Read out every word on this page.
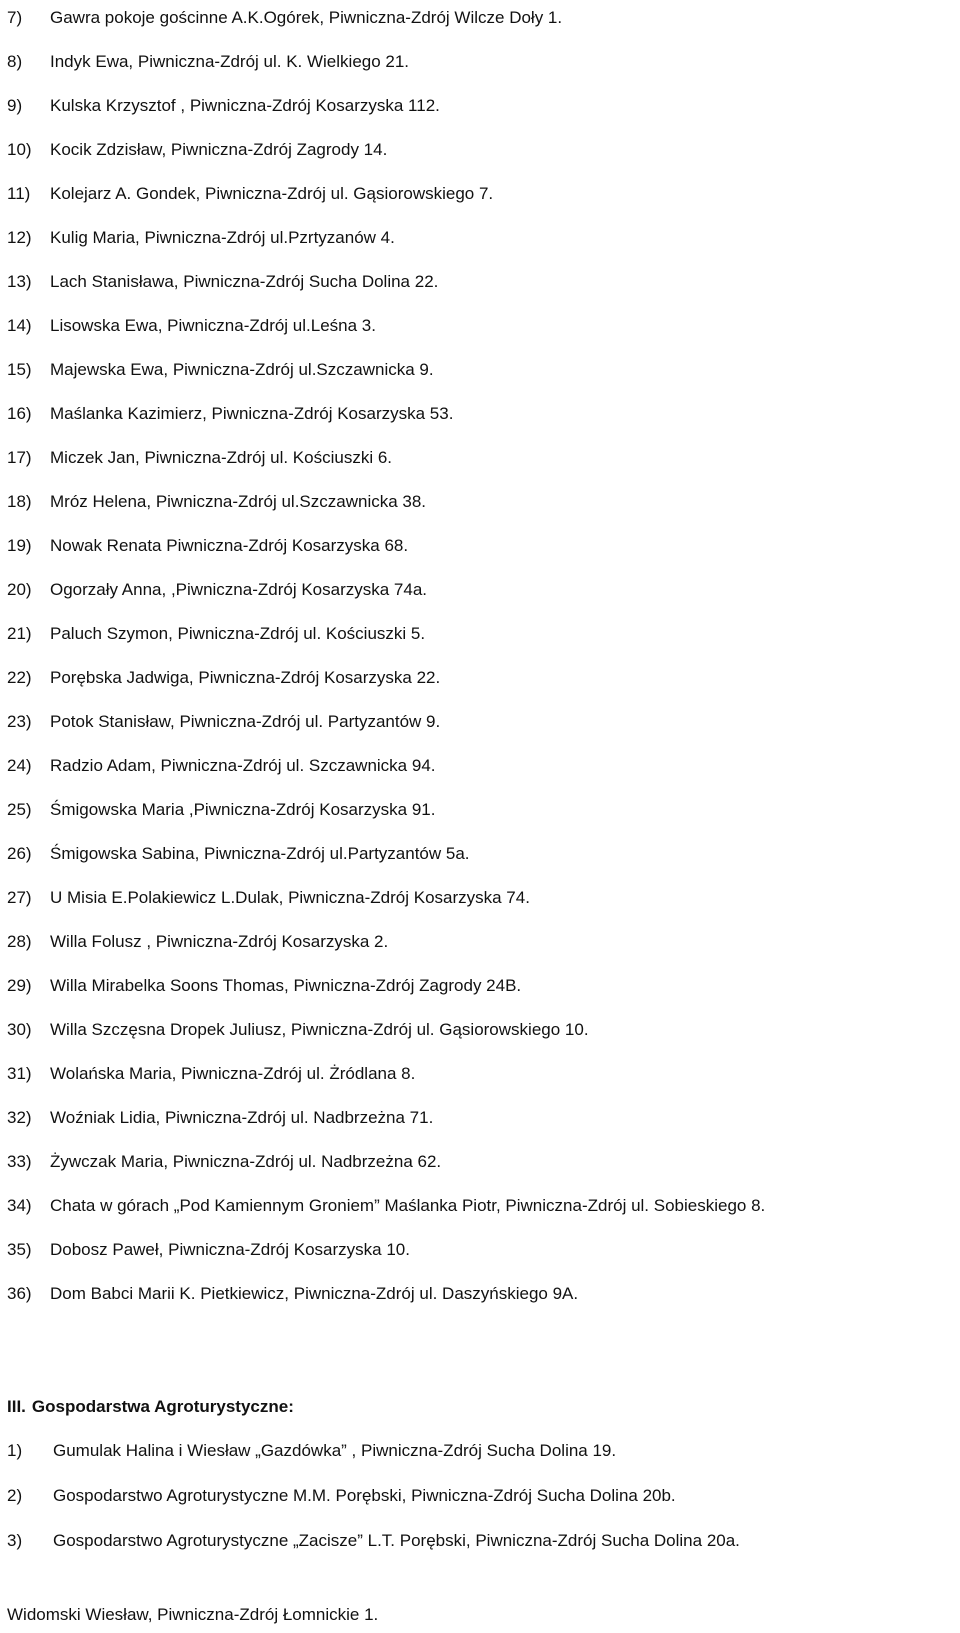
7) Gawra pokoje gościnne A.K.Ogórek, Piwniczna-Zdrój Wilcze Doły 1.
8) Indyk Ewa, Piwniczna-Zdrój ul. K. Wielkiego 21.
9) Kulska Krzysztof , Piwniczna-Zdrój Kosarzyska 112.
10) Kocik Zdzisław, Piwniczna-Zdrój Zagrody 14.
11) Kolejarz A. Gondek, Piwniczna-Zdrój ul. Gąsiorowskiego 7.
12) Kulig Maria, Piwniczna-Zdrój ul.Pzrtyzanów 4.
13) Lach Stanisława, Piwniczna-Zdrój Sucha Dolina 22.
14) Lisowska Ewa, Piwniczna-Zdrój ul.Leśna 3.
15) Majewska Ewa, Piwniczna-Zdrój ul.Szczawnicka 9.
16) Maślanka Kazimierz, Piwniczna-Zdrój Kosarzyska 53.
17) Miczek Jan, Piwniczna-Zdrój ul. Kościuszki 6.
18) Mróz Helena, Piwniczna-Zdrój ul.Szczawnicka 38.
19) Nowak Renata Piwniczna-Zdrój Kosarzyska 68.
20) Ogorzały Anna, ,Piwniczna-Zdrój Kosarzyska 74a.
21) Paluch Szymon, Piwniczna-Zdrój ul. Kościuszki 5.
22) Porębska Jadwiga, Piwniczna-Zdrój Kosarzyska 22.
23) Potok Stanisław, Piwniczna-Zdrój ul. Partyzantów 9.
24) Radzio Adam, Piwniczna-Zdrój ul. Szczawnicka 94.
25) Śmigowska Maria ,Piwniczna-Zdrój Kosarzyska 91.
26) Śmigowska Sabina, Piwniczna-Zdrój ul.Partyzantów 5a.
27) U Misia E.Polakiewicz L.Dulak, Piwniczna-Zdrój Kosarzyska 74.
28) Willa Folusz , Piwniczna-Zdrój Kosarzyska 2.
29) Willa Mirabelka Soons Thomas, Piwniczna-Zdrój Zagrody 24B.
30) Willa Szczęsna Dropek Juliusz, Piwniczna-Zdrój ul. Gąsiorowskiego 10.
31) Wolańska Maria, Piwniczna-Zdrój ul. Żródlana 8.
32) Woźniak Lidia, Piwniczna-Zdrój ul. Nadbrzeżna 71.
33) Żywczak Maria, Piwniczna-Zdrój ul. Nadbrzeżna 62.
34) Chata w górach „Pod Kamiennym Groniem” Maślanka Piotr, Piwniczna-Zdrój ul. Sobieskiego 8.
35) Dobosz Paweł, Piwniczna-Zdrój Kosarzyska 10.
36) Dom Babci Marii K. Pietkiewicz, Piwniczna-Zdrój ul. Daszyńskiego 9A.
III. Gospodarstwa Agroturystyczne:
1) Gumulak Halina i Wiesław „Gazdówka” , Piwniczna-Zdrój Sucha Dolina 19.
2) Gospodarstwo Agroturystyczne M.M. Porębski, Piwniczna-Zdrój Sucha Dolina 20b.
3) Gospodarstwo Agroturystyczne „Zacisze” L.T. Porębski, Piwniczna-Zdrój Sucha Dolina 20a.
Widomski Wiesław, Piwniczna-Zdrój Łomnickie 1.
